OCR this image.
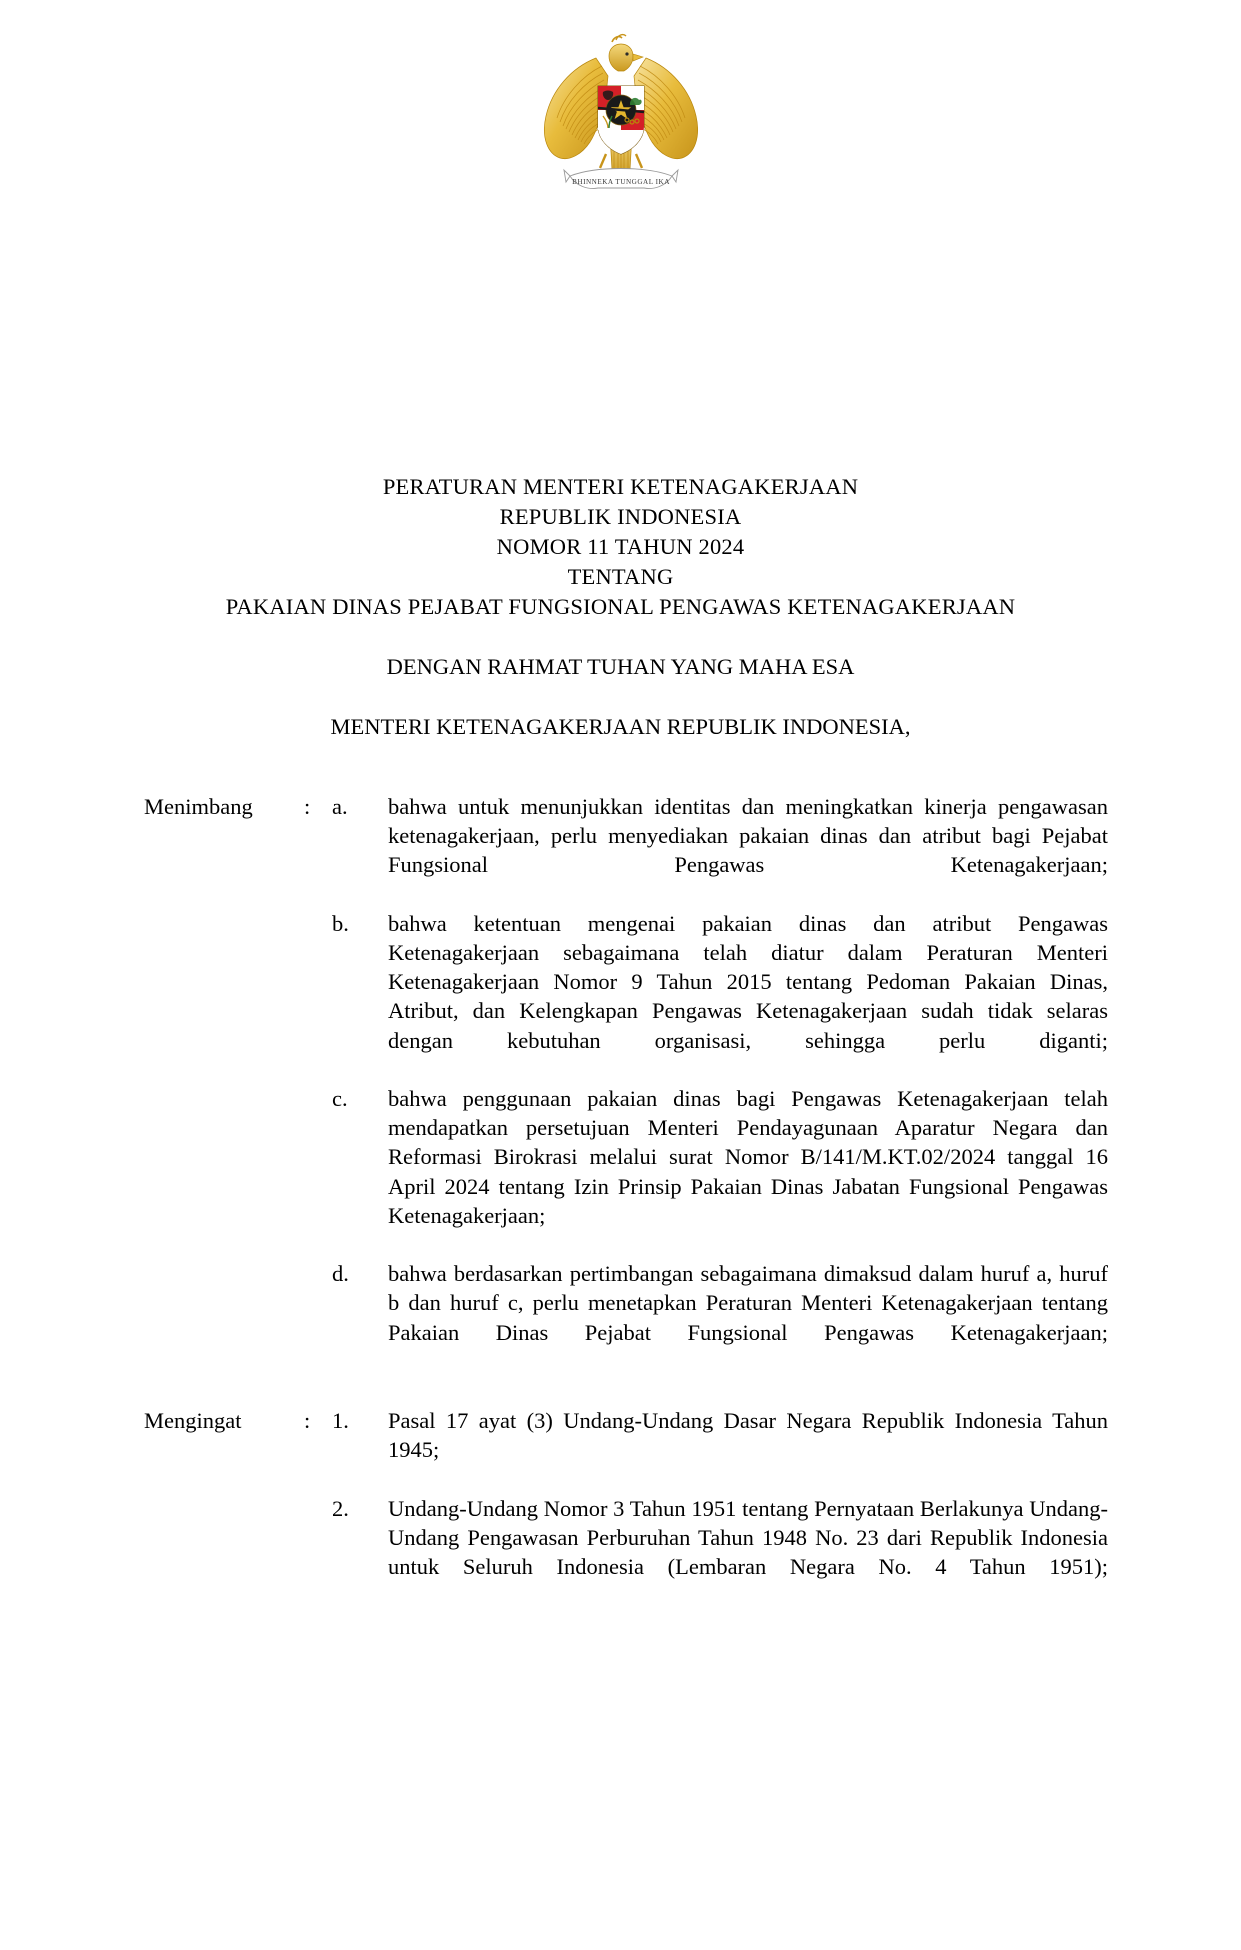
BHINNEKA TUNGGAL IKA
PERATURAN MENTERI KETENAGAKERJAAN
REPUBLIK INDONESIA
NOMOR 11 TAHUN 2024
TENTANG
PAKAIAN DINAS PEJABAT FUNGSIONAL PENGAWAS KETENAGAKERJAAN
DENGAN RAHMAT TUHAN YANG MAHA ESA
MENTERI KETENAGAKERJAAN REPUBLIK INDONESIA,
Menimbang	: a.	bahwa untuk menunjukkan identitas dan meningkatkan kinerja pengawasan ketenagakerjaan, perlu menyediakan pakaian dinas dan atribut bagi Pejabat Fungsional Pengawas Ketenagakerjaan;
b.	bahwa ketentuan mengenai pakaian dinas dan atribut Pengawas Ketenagakerjaan sebagaimana telah diatur dalam Peraturan Menteri Ketenagakerjaan Nomor 9 Tahun 2015 tentang Pedoman Pakaian Dinas, Atribut, dan Kelengkapan Pengawas Ketenagakerjaan sudah tidak selaras dengan kebutuhan organisasi, sehingga perlu diganti;
c.	bahwa penggunaan pakaian dinas bagi Pengawas Ketenagakerjaan telah mendapatkan persetujuan Menteri Pendayagunaan Aparatur Negara dan Reformasi Birokrasi melalui surat Nomor B/141/M.KT.02/2024 tanggal 16 April 2024 tentang Izin Prinsip Pakaian Dinas Jabatan Fungsional Pengawas Ketenagakerjaan;
d.	bahwa berdasarkan pertimbangan sebagaimana dimaksud dalam huruf a, huruf b dan huruf c, perlu menetapkan Peraturan Menteri Ketenagakerjaan tentang Pakaian Dinas Pejabat Fungsional Pengawas Ketenagakerjaan;
Mengingat	: 1.	Pasal 17 ayat (3) Undang-Undang Dasar Negara Republik Indonesia Tahun 1945;
2.	Undang-Undang Nomor 3 Tahun 1951 tentang Pernyataan Berlakunya Undang-Undang Pengawasan Perburuhan Tahun 1948 No. 23 dari Republik Indonesia untuk Seluruh Indonesia (Lembaran Negara No. 4 Tahun 1951);
